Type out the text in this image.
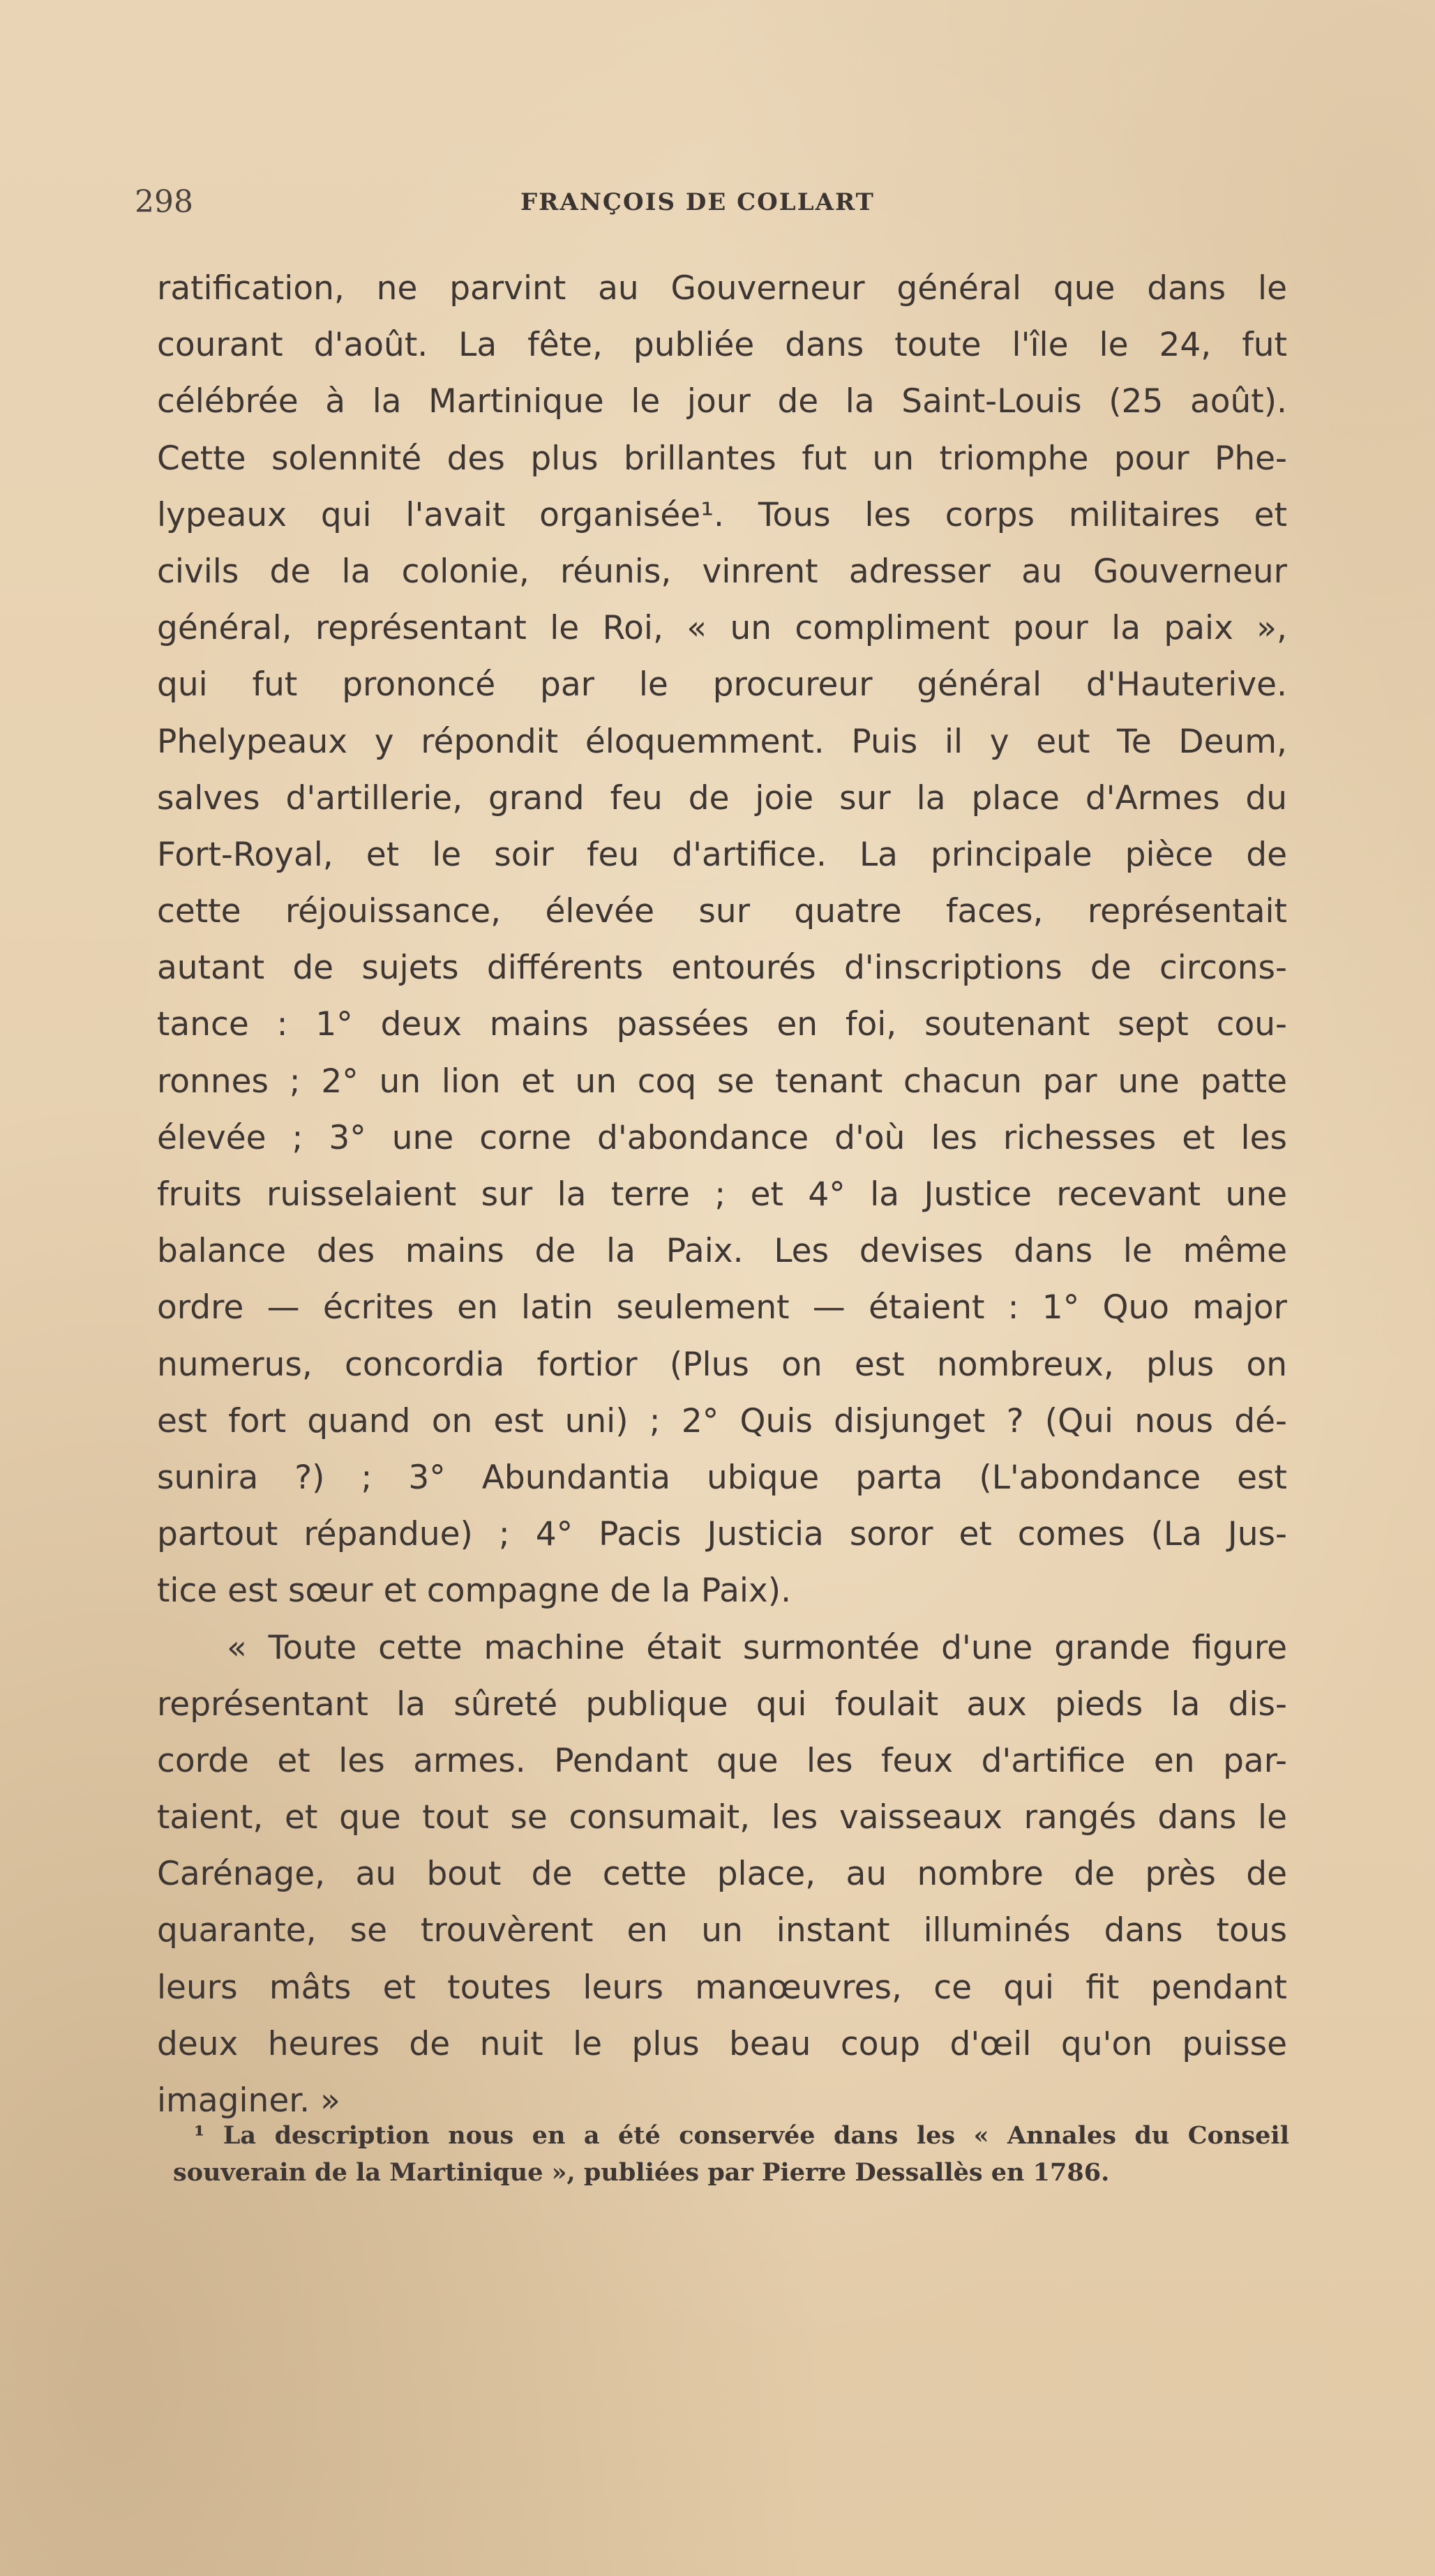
298	FRANÇOIS DE COLLART
ratification, ne parvint au Gouverneur général que dans le
courant d'août. La fête, publiée dans toute l'île le 24, fut
célébrée à la Martinique le jour de la Saint-Louis (25 août).
Cette solennité des plus brillantes fut un triomphe pour Phe-
lypeaux qui l'avait organisée¹. Tous les corps militaires et
civils de la colonie, réunis, vinrent adresser au Gouverneur
général, représentant le Roi, « un compliment pour la paix »,
qui fut prononcé par le procureur général d'Hauterive.
Phelypeaux y répondit éloquemment. Puis il y eut Te Deum,
salves d'artillerie, grand feu de joie sur la place d'Armes du
Fort-Royal, et le soir feu d'artifice. La principale pièce de
cette réjouissance, élevée sur quatre faces, représentait
autant de sujets différents entourés d'inscriptions de circons-
tance : 1° deux mains passées en foi, soutenant sept cou-
ronnes ; 2° un lion et un coq se tenant chacun par une patte
élevée ; 3° une corne d'abondance d'où les richesses et les
fruits ruisselaient sur la terre ; et 4° la Justice recevant une
balance des mains de la Paix. Les devises dans le même
ordre — écrites en latin seulement — étaient : 1° Quo major
numerus, concordia fortior (Plus on est nombreux, plus on
est fort quand on est uni) ; 2° Quis disjunget ? (Qui nous dé-
sunira ?) ; 3° Abundantia ubique parta (L'abondance est
partout répandue) ; 4° Pacis Justicia soror et comes (La Jus-
tice est sœur et compagne de la Paix).
« Toute cette machine était surmontée d'une grande figure
représentant la sûreté publique qui foulait aux pieds la dis-
corde et les armes. Pendant que les feux d'artifice en par-
taient, et que tout se consumait, les vaisseaux rangés dans le
Carénage, au bout de cette place, au nombre de près de
quarante, se trouvèrent en un instant illuminés dans tous
leurs mâts et toutes leurs manœuvres, ce qui fit pendant
deux heures de nuit le plus beau coup d'œil qu'on puisse
imaginer. »
¹ La description nous en a été conservée dans les « Annales du Conseil
souverain de la Martinique », publiées par Pierre Dessallès en 1786.
